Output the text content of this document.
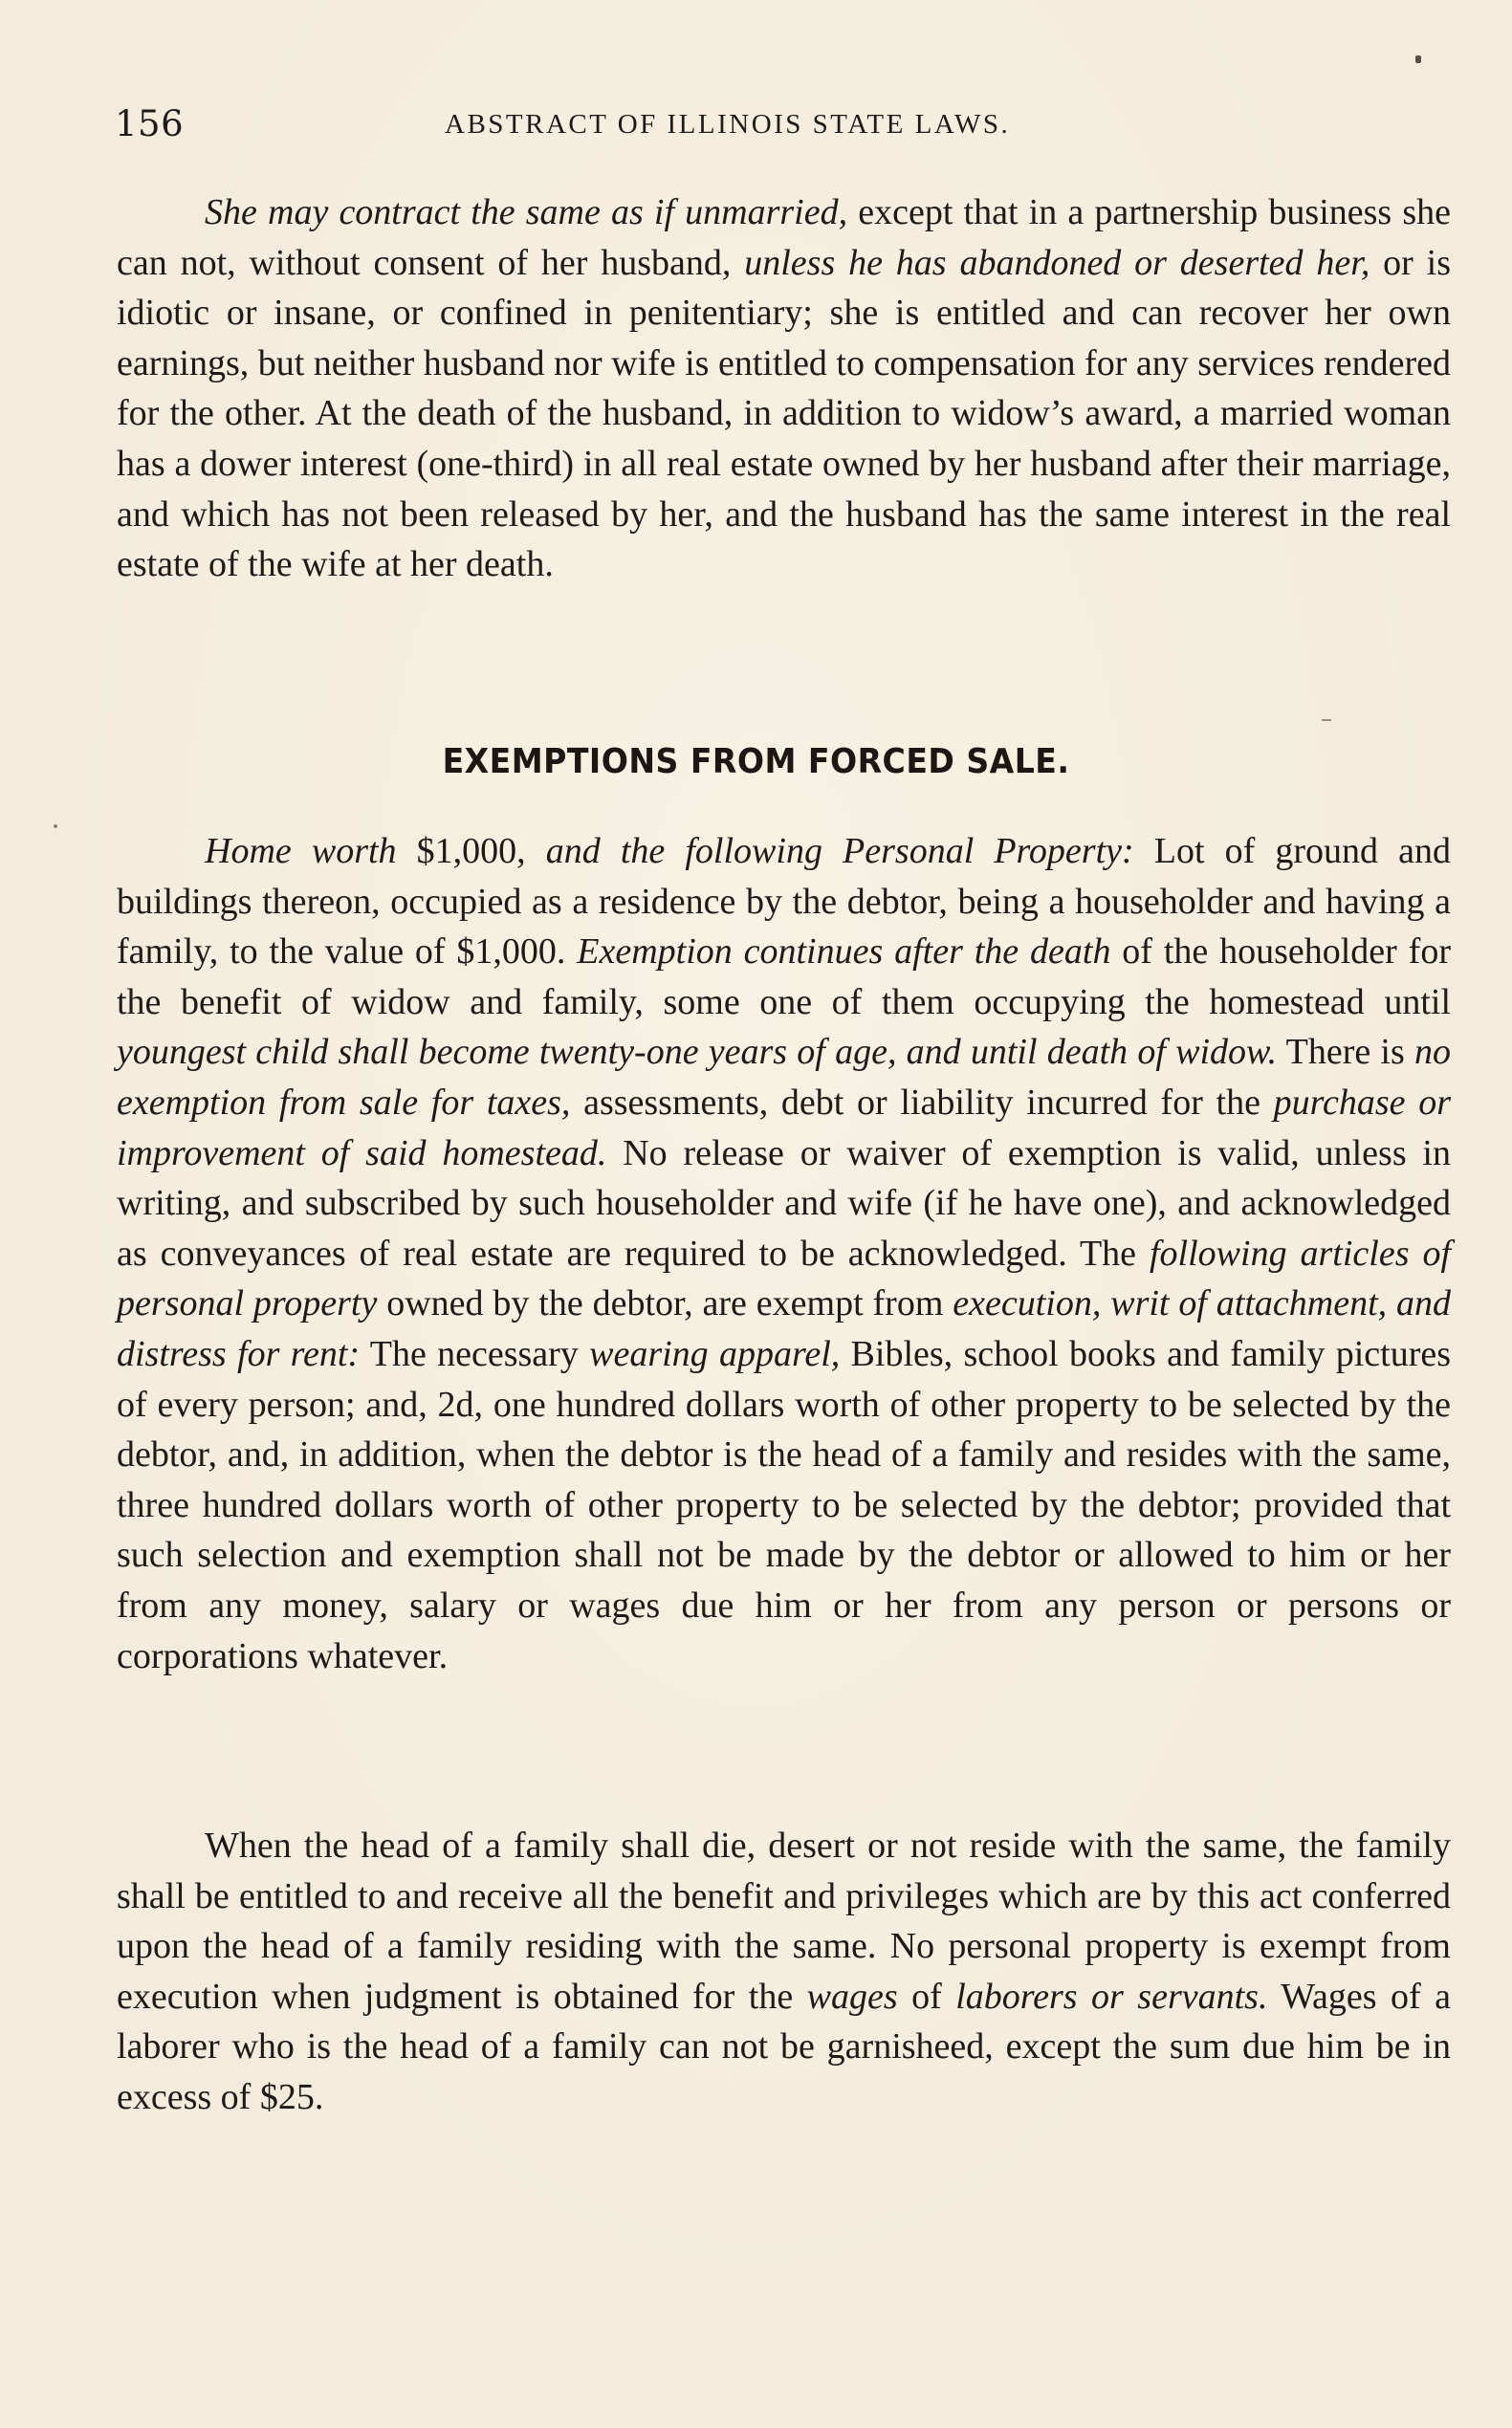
156	ABSTRACT OF ILLINOIS STATE LAWS.

She may contract the same as if unmarried, except that in a partnership business she can not, without consent of her husband, unless he has abandoned or deserted her, or is idiotic or insane, or confined in penitentiary; she is entitled and can recover her own earnings, but neither husband nor wife is entitled to compensation for any services rendered for the other. At the death of the husband, in addition to widow’s award, a married woman has a dower interest (one-third) in all real estate owned by her husband after their marriage, and which has not been released by her, and the husband has the same interest in the real estate of the wife at her death.

EXEMPTIONS FROM FORCED SALE.

Home worth $1,000, and the following Personal Property: Lot of ground and buildings thereon, occupied as a residence by the debtor, being a householder and having a family, to the value of $1,000. Exemption continues after the death of the householder for the benefit of widow and family, some one of them occupying the homestead until youngest child shall become twenty-one years of age, and until death of widow. There is no exemption from sale for taxes, assessments, debt or liability incurred for the purchase or improvement of said homestead. No release or waiver of exemption is valid, unless in writing, and subscribed by such householder and wife (if he have one), and acknowledged as conveyances of real estate are required to be acknowledged. The following articles of personal property owned by the debtor, are exempt from execution, writ of attachment, and distress for rent: The necessary wearing apparel, Bibles, school books and family pictures of every person; and, 2d, one hundred dollars worth of other property to be selected by the debtor, and, in addition, when the debtor is the head of a family and resides with the same, three hundred dollars worth of other property to be selected by the debtor; provided that such selection and exemption shall not be made by the debtor or allowed to him or her from any money, salary or wages due him or her from any person or persons or corporations whatever.

When the head of a family shall die, desert or not reside with the same, the family shall be entitled to and receive all the benefit and privileges which are by this act conferred upon the head of a family residing with the same. No personal property is exempt from execution when judgment is obtained for the wages of laborers or servants. Wages of a laborer who is the head of a family can not be garnisheed, except the sum due him be in excess of $25.
